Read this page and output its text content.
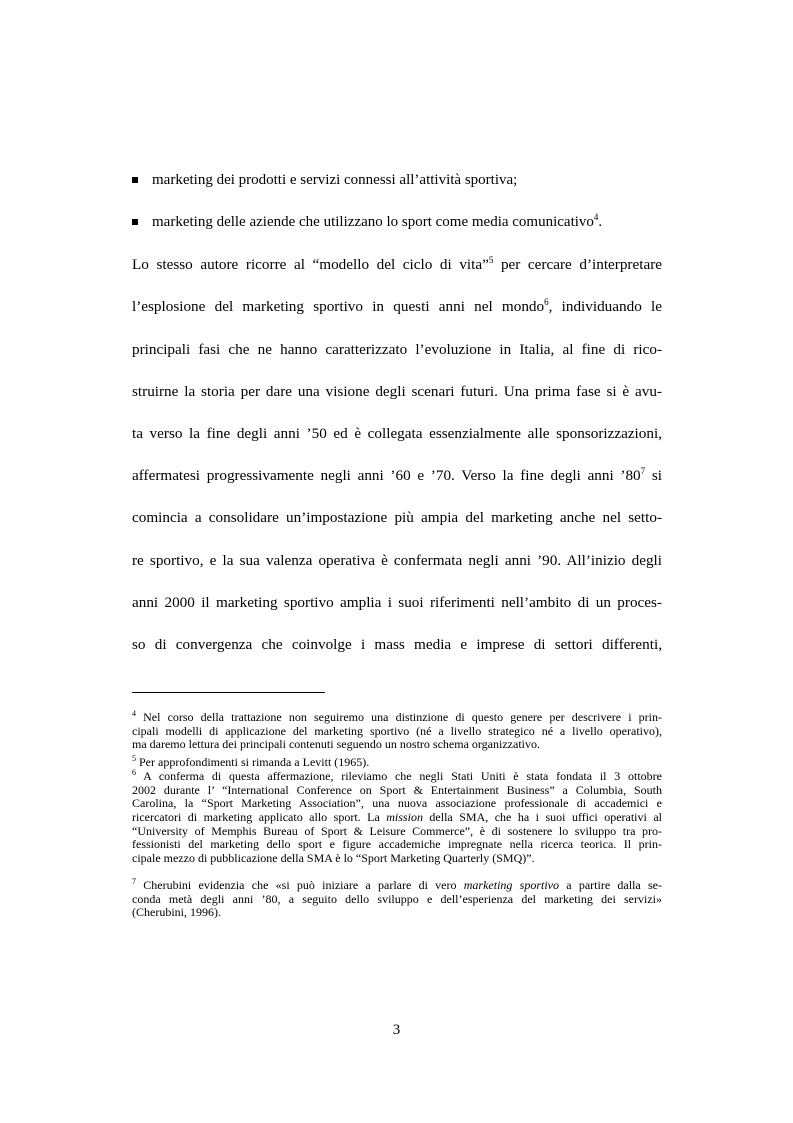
marketing dei prodotti e servizi connessi all’attività sportiva;
marketing delle aziende che utilizzano lo sport come media comunicativo$^4$.
Lo stesso autore ricorre al “modello del ciclo di vita”$^5$ per cercare d’interpretare
l’esplosione del marketing sportivo in questi anni nel mondo$^6$, individuando le
principali fasi che ne hanno caratterizzato l’evoluzione in Italia, al fine di rico-
struirne la storia per dare una visione degli scenari futuri. Una prima fase si è avu-
ta verso la fine degli anni ’50 ed è collegata essenzialmente alle sponsorizzazioni,
affermatesi progressivamente negli anni ’60 e ’70. Verso la fine degli anni $’80^7$ si
comincia a consolidare un’impostazione più ampia del marketing anche nel setto-
re sportivo, e la sua valenza operativa è confermata negli anni ’90. All’inizio degli
anni 2000 il marketing sportivo amplia i suoi riferimenti nell’ambito di un proces-
so di convergenza che coinvolge i mass media e imprese di settori differenti,
$^4$ Nel corso della trattazione non seguiremo una distinzione di questo genere per descrivere i prin-
cipali modelli di applicazione del marketing sportivo (né a livello strategico né a livello operativo),
ma daremo lettura dei principali contenuti seguendo un nostro schema organizzativo.
$^5$ Per approfondimenti si rimanda a Levitt (1965).
$^6$ A conferma di questa affermazione, rileviamo che negli Stati Uniti è stata fondata il 3 ottobre
2002 durante l’ “International Conference on Sport & Entertainment Business” a Columbia, South
Carolina, la “Sport Marketing Association”, una nuova associazione professionale di accademici e
ricercatori di marketing applicato allo sport. La mission della SMA, che ha i suoi uffici operativi al
“University of Memphis Bureau of Sport & Leisure Commerce”, è di sostenere lo sviluppo tra pro-
fessionisti del marketing dello sport e figure accademiche impregnate nella ricerca teorica. Il prin-
cipale mezzo di pubblicazione della SMA è lo “Sport Marketing Quarterly (SMQ)”.
$^7$ Cherubini evidenzia che «si può iniziare a parlare di vero marketing sportivo a partire dalla se-
conda metà degli anni ’80, a seguito dello sviluppo e dell’esperienza del marketing dei servizi»
(Cherubini, 1996).
3
